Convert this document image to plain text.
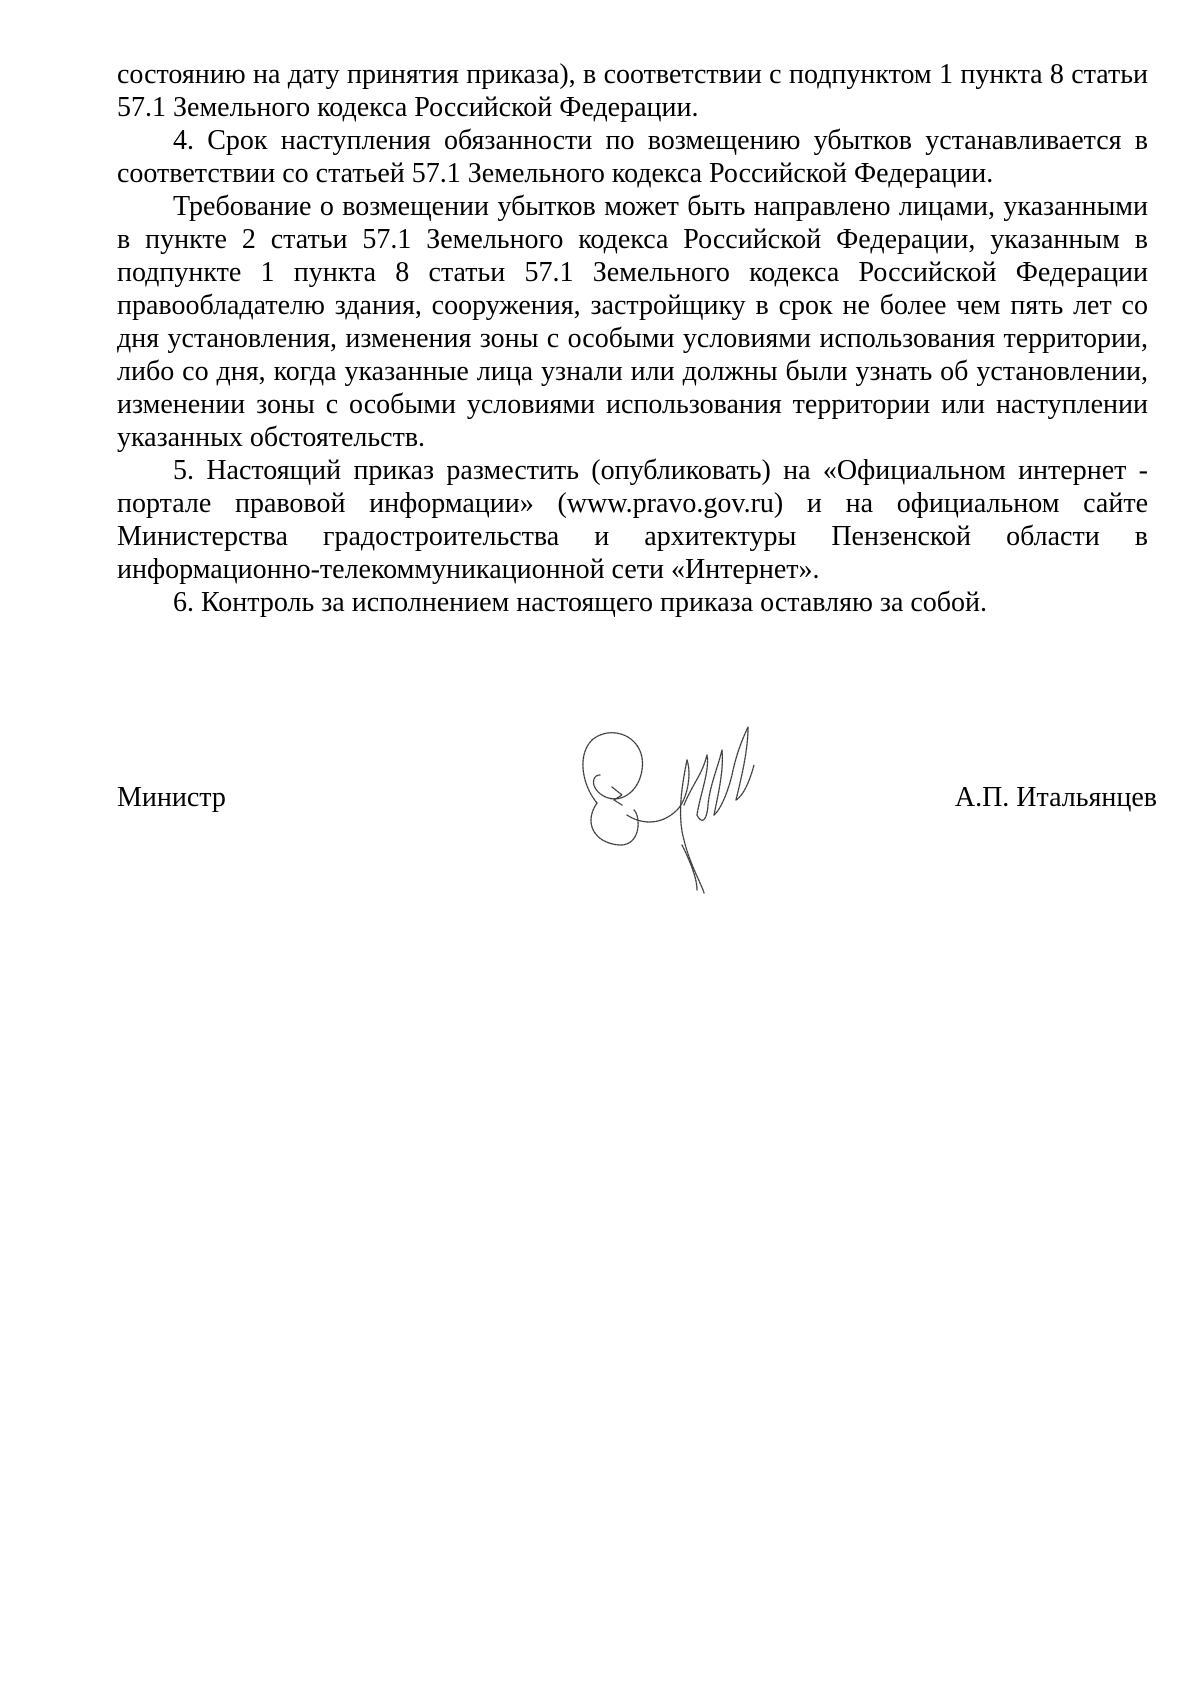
состоянию на дату принятия приказа), в соответствии с подпунктом 1 пункта 8 статьи 57.1 Земельного кодекса Российской Федерации.

4. Срок наступления обязанности по возмещению убытков устанавливается в соответствии со статьей 57.1 Земельного кодекса Российской Федерации.

Требование о возмещении убытков может быть направлено лицами, указанными в пункте 2 статьи 57.1 Земельного кодекса Российской Федерации, указанным в подпункте 1 пункта 8 статьи 57.1 Земельного кодекса Российской Федерации правообладателю здания, сооружения, застройщику в срок не более чем пять лет со дня установления, изменения зоны с особыми условиями использования территории, либо со дня, когда указанные лица узнали или должны были узнать об установлении, изменении зоны с особыми условиями использования территории или наступлении указанных обстоятельств.

5. Настоящий приказ разместить (опубликовать) на «Официальном интернет - портале правовой информации» (www.pravo.gov.ru) и на официальном сайте Министерства градостроительства и архитектуры Пензенской области в информационно-телекоммуникационной сети «Интернет».

6. Контроль за исполнением настоящего приказа оставляю за собой.

Министр	А.П. Итальянцев
